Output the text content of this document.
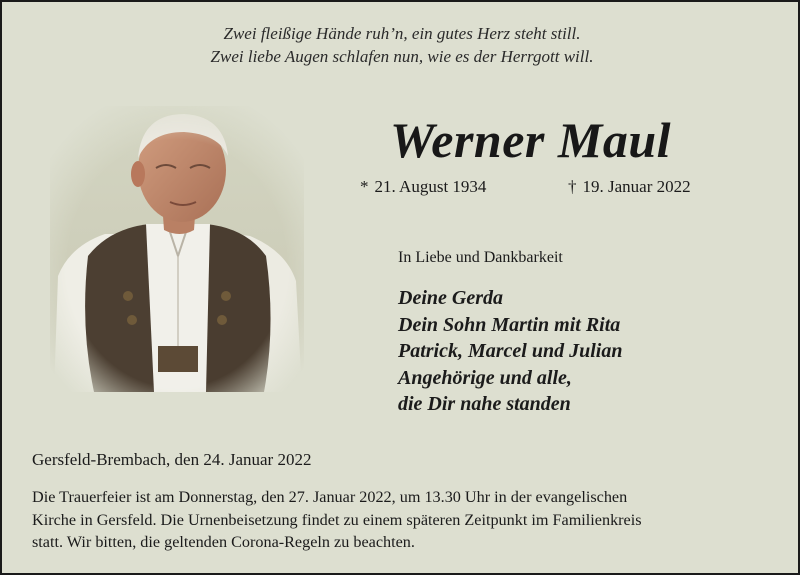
Zwei fleißige Hände ruh’n, ein gutes Herz steht still.
Zwei liebe Augen schlafen nun, wie es der Herrgott will.
Werner Maul
* 21. August 1934	† 19. Januar 2022
In Liebe und Dankbarkeit
Deine Gerda
Dein Sohn Martin mit Rita
Patrick, Marcel und Julian
Angehörige und alle,
die Dir nahe standen
Gersfeld-Brembach, den 24. Januar 2022
Die Trauerfeier ist am Donnerstag, den 27. Januar 2022, um 13.30 Uhr in der evangelischen
Kirche in Gersfeld. Die Urnenbeisetzung findet zu einem späteren Zeitpunkt im Familienkreis
statt. Wir bitten, die geltenden Corona-Regeln zu beachten.
